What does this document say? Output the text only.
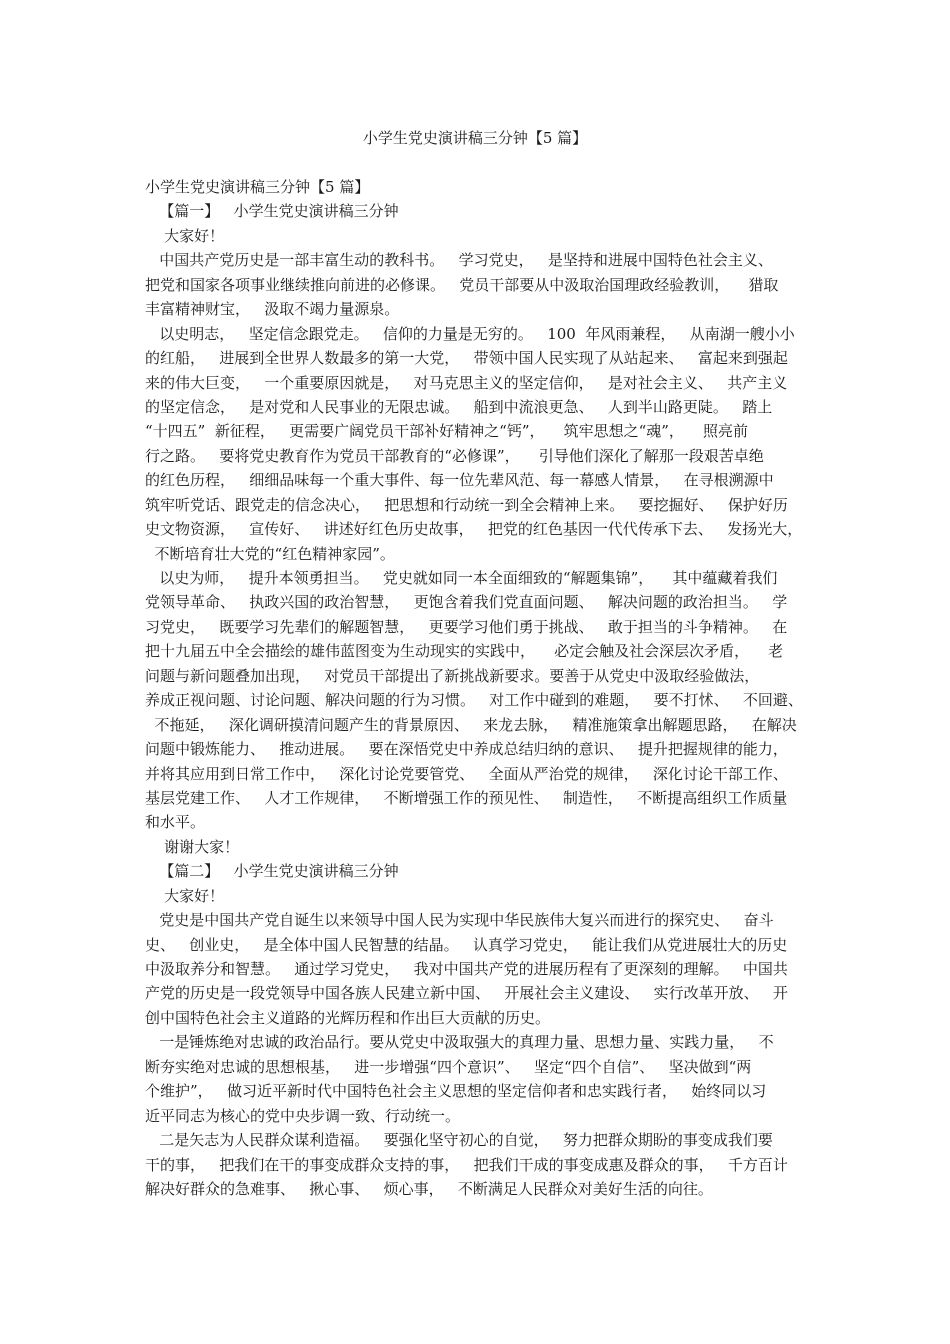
小学生党史演讲稿三分钟【5 篇】
小学生党史演讲稿三分钟【5 篇】
【篇一】   小学生党史演讲稿三分钟
大家好！
中国共产党历史是一部丰富生动的教科书。   学习党史，   是坚持和进展中国特色社会主义、
把党和国家各项事业继续推向前进的必修课。   党员干部要从中汲取治国理政经验教训，    猎取
丰富精神财宝，   汲取不竭力量源泉。
以史明志，   坚定信念跟党走。   信仰的力量是无穷的。   100  年风雨兼程，   从南湖一艘小小
的红船，   进展到全世界人数最多的第一大党，   带领中国人民实现了从站起来、   富起来到强起
来的伟大巨变，   一个重要原因就是，   对马克思主义的坚定信仰，   是对社会主义、   共产主义
的坚定信念，   是对党和人民事业的无限忠诚。   船到中流浪更急、   人到半山路更陡。   踏上
“十四五”  新征程，   更需要广阔党员干部补好精神之“钙”，    筑牢思想之“魂”，    照亮前
行之路。   要将党史教育作为党员干部教育的“必修课”，    引导他们深化了解那一段艰苦卓绝
的红色历程，   细细品味每一个重大事件、每一位先辈风范、每一幕感人情景，   在寻根溯源中
筑牢听党话、跟党走的信念决心，   把思想和行动统一到全会精神上来。   要挖掘好、   保护好历
史文物资源，   宣传好、   讲述好红色历史故事，   把党的红色基因一代代传承下去、   发扬光大，
不断培育壮大党的“红色精神家园”。
以史为师，   提升本领勇担当。   党史就如同一本全面细致的“解题集锦”，    其中蕴藏着我们
党领导革命、   执政兴国的政治智慧，   更饱含着我们党直面问题、   解决问题的政治担当。   学
习党史，   既要学习先辈们的解题智慧，   更要学习他们勇于挑战、   敢于担当的斗争精神。   在
把十九届五中全会描绘的雄伟蓝图变为生动现实的实践中，    必定会触及社会深层次矛盾，    老
问题与新问题叠加出现，   对党员干部提出了新挑战新要求。要善于从党史中汲取经验做法，
养成正视问题、讨论问题、解决问题的行为习惯。   对工作中碰到的难题，   要不打怵、   不回避、
不拖延，   深化调研摸清问题产生的背景原因、   来龙去脉，   精准施策拿出解题思路，   在解决
问题中锻炼能力、   推动进展。   要在深悟党史中养成总结归纳的意识、   提升把握规律的能力，
并将其应用到日常工作中，   深化讨论党要管党、   全面从严治党的规律，   深化讨论干部工作、
基层党建工作、   人才工作规律，   不断增强工作的预见性、   制造性，   不断提高组织工作质量
和水平。
谢谢大家！
【篇二】   小学生党史演讲稿三分钟
大家好！
党史是中国共产党自诞生以来领导中国人民为实现中华民族伟大复兴而进行的探究史、   奋斗
史、   创业史，   是全体中国人民智慧的结晶。   认真学习党史，   能让我们从党进展壮大的历史
中汲取养分和智慧。   通过学习党史，   我对中国共产党的进展历程有了更深刻的理解。   中国共
产党的历史是一段党领导中国各族人民建立新中国、   开展社会主义建设、   实行改革开放、   开
创中国特色社会主义道路的光辉历程和作出巨大贡献的历史。
一是锤炼绝对忠诚的政治品行。要从党史中汲取强大的真理力量、思想力量、实践力量，   不
断夯实绝对忠诚的思想根基，   进一步增强“四个意识”、   坚定“四个自信”、   坚决做到“两
个维护”，   做习近平新时代中国特色社会主义思想的坚定信仰者和忠实践行者，   始终同以习
近平同志为核心的党中央步调一致、行动统一。
二是矢志为人民群众谋利造福。   要强化坚守初心的自觉，   努力把群众期盼的事变成我们要
干的事，   把我们在干的事变成群众支持的事，   把我们干成的事变成惠及群众的事，   千方百计
解决好群众的急难事、   揪心事、   烦心事，   不断满足人民群众对美好生活的向往。
